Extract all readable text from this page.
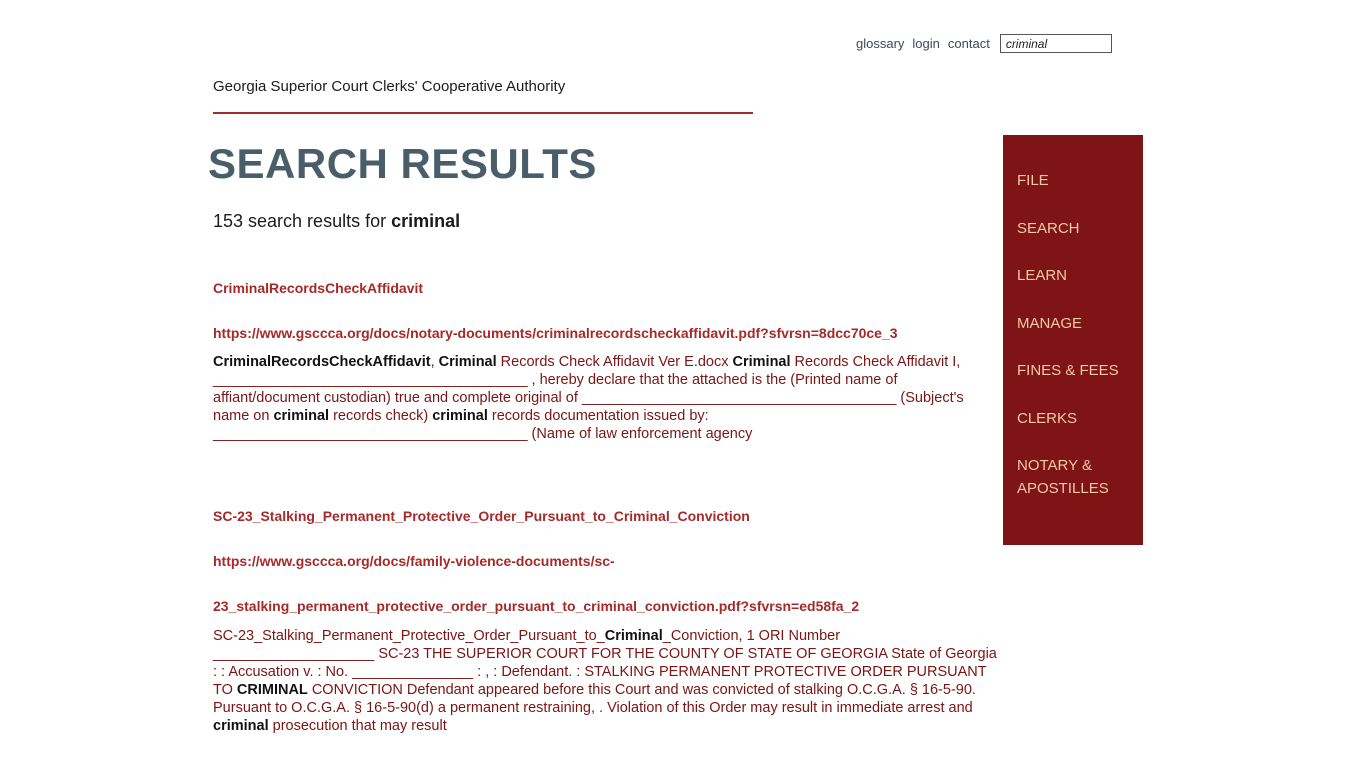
glossary login contact
criminal
Georgia Superior Court Clerks' Cooperative Authority
SEARCH RESULTS
153 search results for criminal
CriminalRecordsCheckAffidavit
https://www.gsccca.org/docs/notary-documents/criminalrecordscheckaffidavit.pdf?sfvrsn=8dcc70ce_3
CriminalRecordsCheckAffidavit, Criminal Records Check Affidavit Ver E.docx Criminal Records Check Affidavit I, _______________________________________ , hereby declare that the attached is the (Printed name of affiant/document custodian) true and complete original of _______________________________________ (Subject's name on criminal records check) criminal records documentation issued by: _______________________________________ (Name of law enforcement agency
SC-23_Stalking_Permanent_Protective_Order_Pursuant_to_Criminal_Conviction
https://www.gsccca.org/docs/family-violence-documents/sc-
23_stalking_permanent_protective_order_pursuant_to_criminal_conviction.pdf?sfvrsn=ed58fa_2
SC-23_Stalking_Permanent_Protective_Order_Pursuant_to_Criminal_Conviction, 1 ORI Number ____________________ SC-23 THE SUPERIOR COURT FOR THE COUNTY OF STATE OF GEORGIA State of Georgia : : Accusation v. : No. _______________ : , : Defendant. : STALKING PERMANENT PROTECTIVE ORDER PURSUANT TO CRIMINAL CONVICTION Defendant appeared before this Court and was convicted of stalking O.C.G.A. § 16-5-90. Pursuant to O.C.G.A. § 16-5-90(d) a permanent restraining, . Violation of this Order may result in immediate arrest and criminal prosecution that may result
FILE
SEARCH
LEARN
MANAGE
FINES & FEES
CLERKS
NOTARY &
APOSTILLES
